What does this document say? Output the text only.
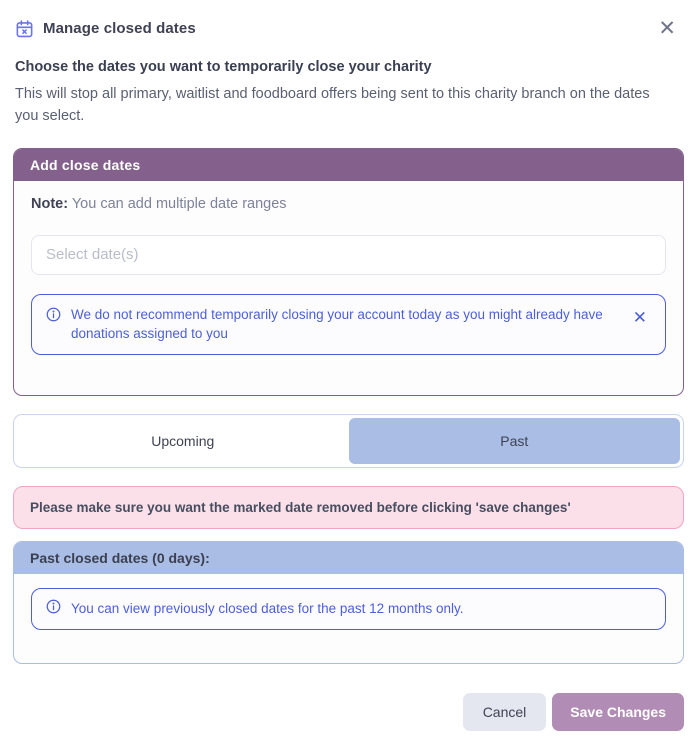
Manage closed dates	✕
Choose the dates you want to temporarily close your charity
This will stop all primary, waitlist and foodboard offers being sent to this charity branch on the dates you select.
Add close dates
Note: You can add multiple date ranges
Select date(s)
We do not recommend temporarily closing your account today as you might already have donations assigned to you
✕
Upcoming	Past
Please make sure you want the marked date removed before clicking 'save changes'
Past closed dates (0 days):
You can view previously closed dates for the past 12 months only.
Cancel	Save Changes
